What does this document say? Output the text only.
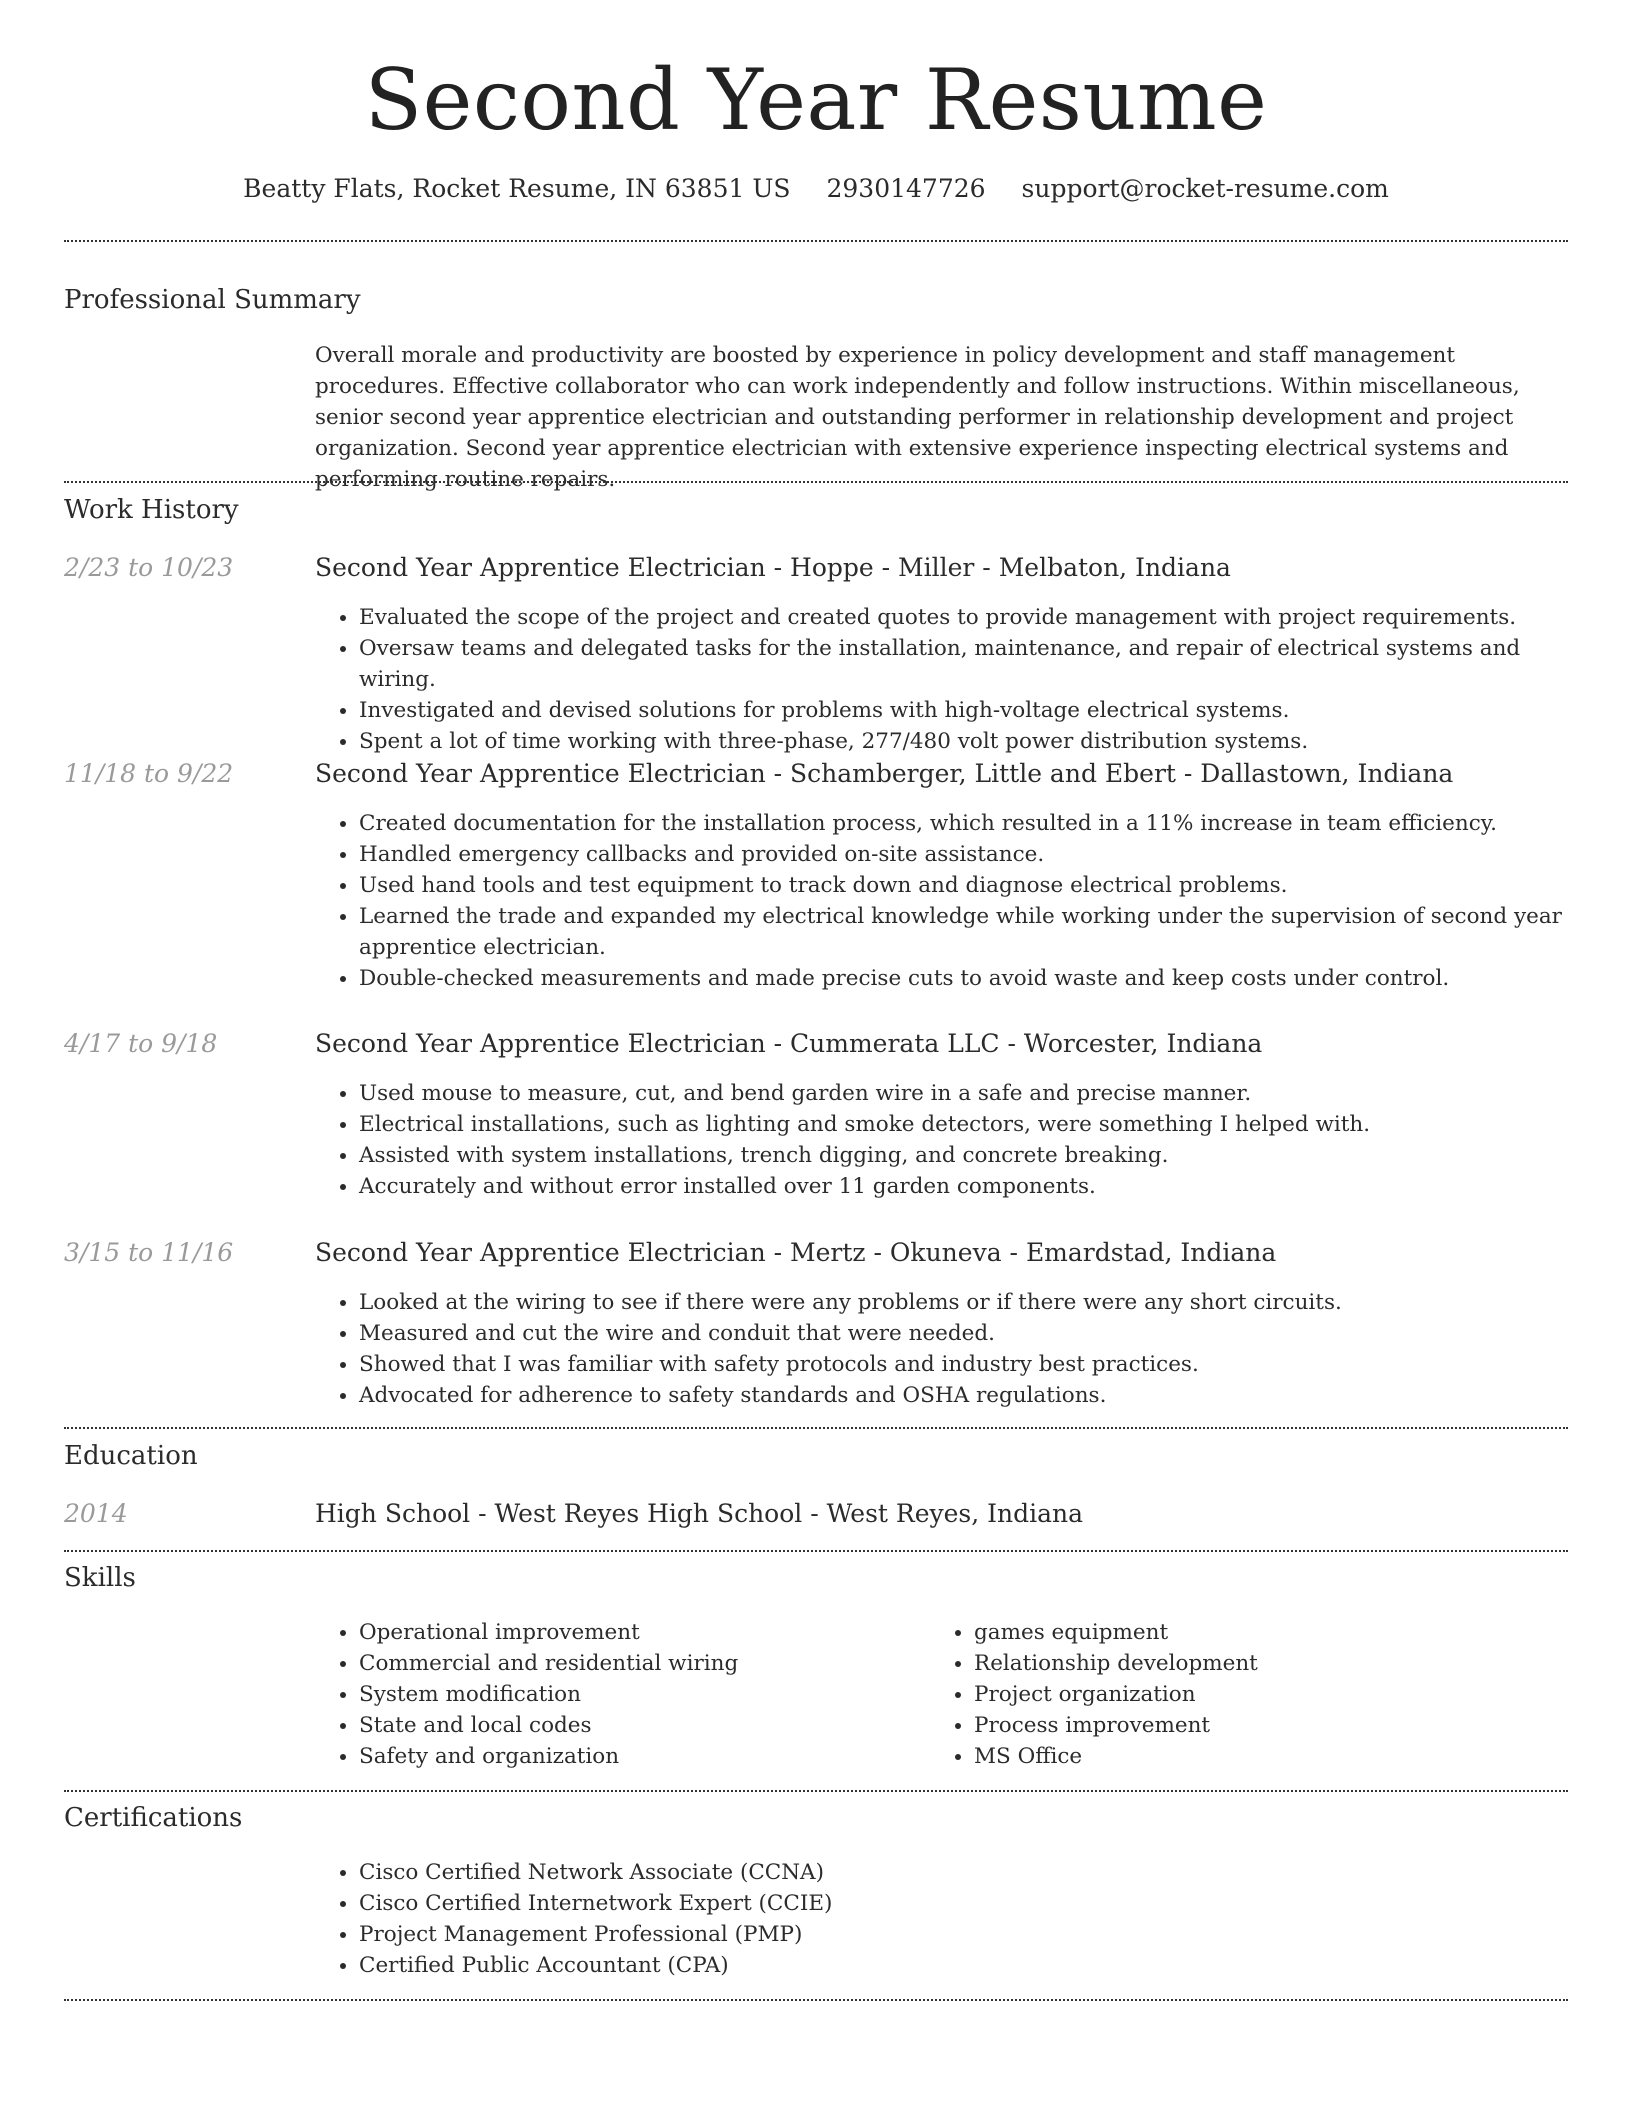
Second Year Resume
Beatty Flats, Rocket Resume, IN 63851 US 2930147726 support@rocket-resume.com
Professional Summary
Overall morale and productivity are boosted by experience in policy development and staff management procedures. Effective collaborator who can work independently and follow instructions. Within miscellaneous, senior second year apprentice electrician and outstanding performer in relationship development and project organization. Second year apprentice electrician with extensive experience inspecting electrical systems and performing routine repairs.
Work History
2/23 to 10/23	Second Year Apprentice Electrician - Hoppe - Miller - Melbaton, Indiana
• Evaluated the scope of the project and created quotes to provide management with project requirements.
• Oversaw teams and delegated tasks for the installation, maintenance, and repair of electrical systems and wiring.
• Investigated and devised solutions for problems with high-voltage electrical systems.
• Spent a lot of time working with three-phase, 277/480 volt power distribution systems.
11/18 to 9/22	Second Year Apprentice Electrician - Schamberger, Little and Ebert - Dallastown, Indiana
• Created documentation for the installation process, which resulted in a 11% increase in team efficiency.
• Handled emergency callbacks and provided on-site assistance.
• Used hand tools and test equipment to track down and diagnose electrical problems.
• Learned the trade and expanded my electrical knowledge while working under the supervision of second year apprentice electrician.
• Double-checked measurements and made precise cuts to avoid waste and keep costs under control.
4/17 to 9/18	Second Year Apprentice Electrician - Cummerata LLC - Worcester, Indiana
• Used mouse to measure, cut, and bend garden wire in a safe and precise manner.
• Electrical installations, such as lighting and smoke detectors, were something I helped with.
• Assisted with system installations, trench digging, and concrete breaking.
• Accurately and without error installed over 11 garden components.
3/15 to 11/16	Second Year Apprentice Electrician - Mertz - Okuneva - Emardstad, Indiana
• Looked at the wiring to see if there were any problems or if there were any short circuits.
• Measured and cut the wire and conduit that were needed.
• Showed that I was familiar with safety protocols and industry best practices.
• Advocated for adherence to safety standards and OSHA regulations.
Education
2014	High School - West Reyes High School - West Reyes, Indiana
Skills
• Operational improvement
• Commercial and residential wiring
• System modification
• State and local codes
• Safety and organization
• games equipment
• Relationship development
• Project organization
• Process improvement
• MS Office
Certifications
• Cisco Certified Network Associate (CCNA)
• Cisco Certified Internetwork Expert (CCIE)
• Project Management Professional (PMP)
• Certified Public Accountant (CPA)
